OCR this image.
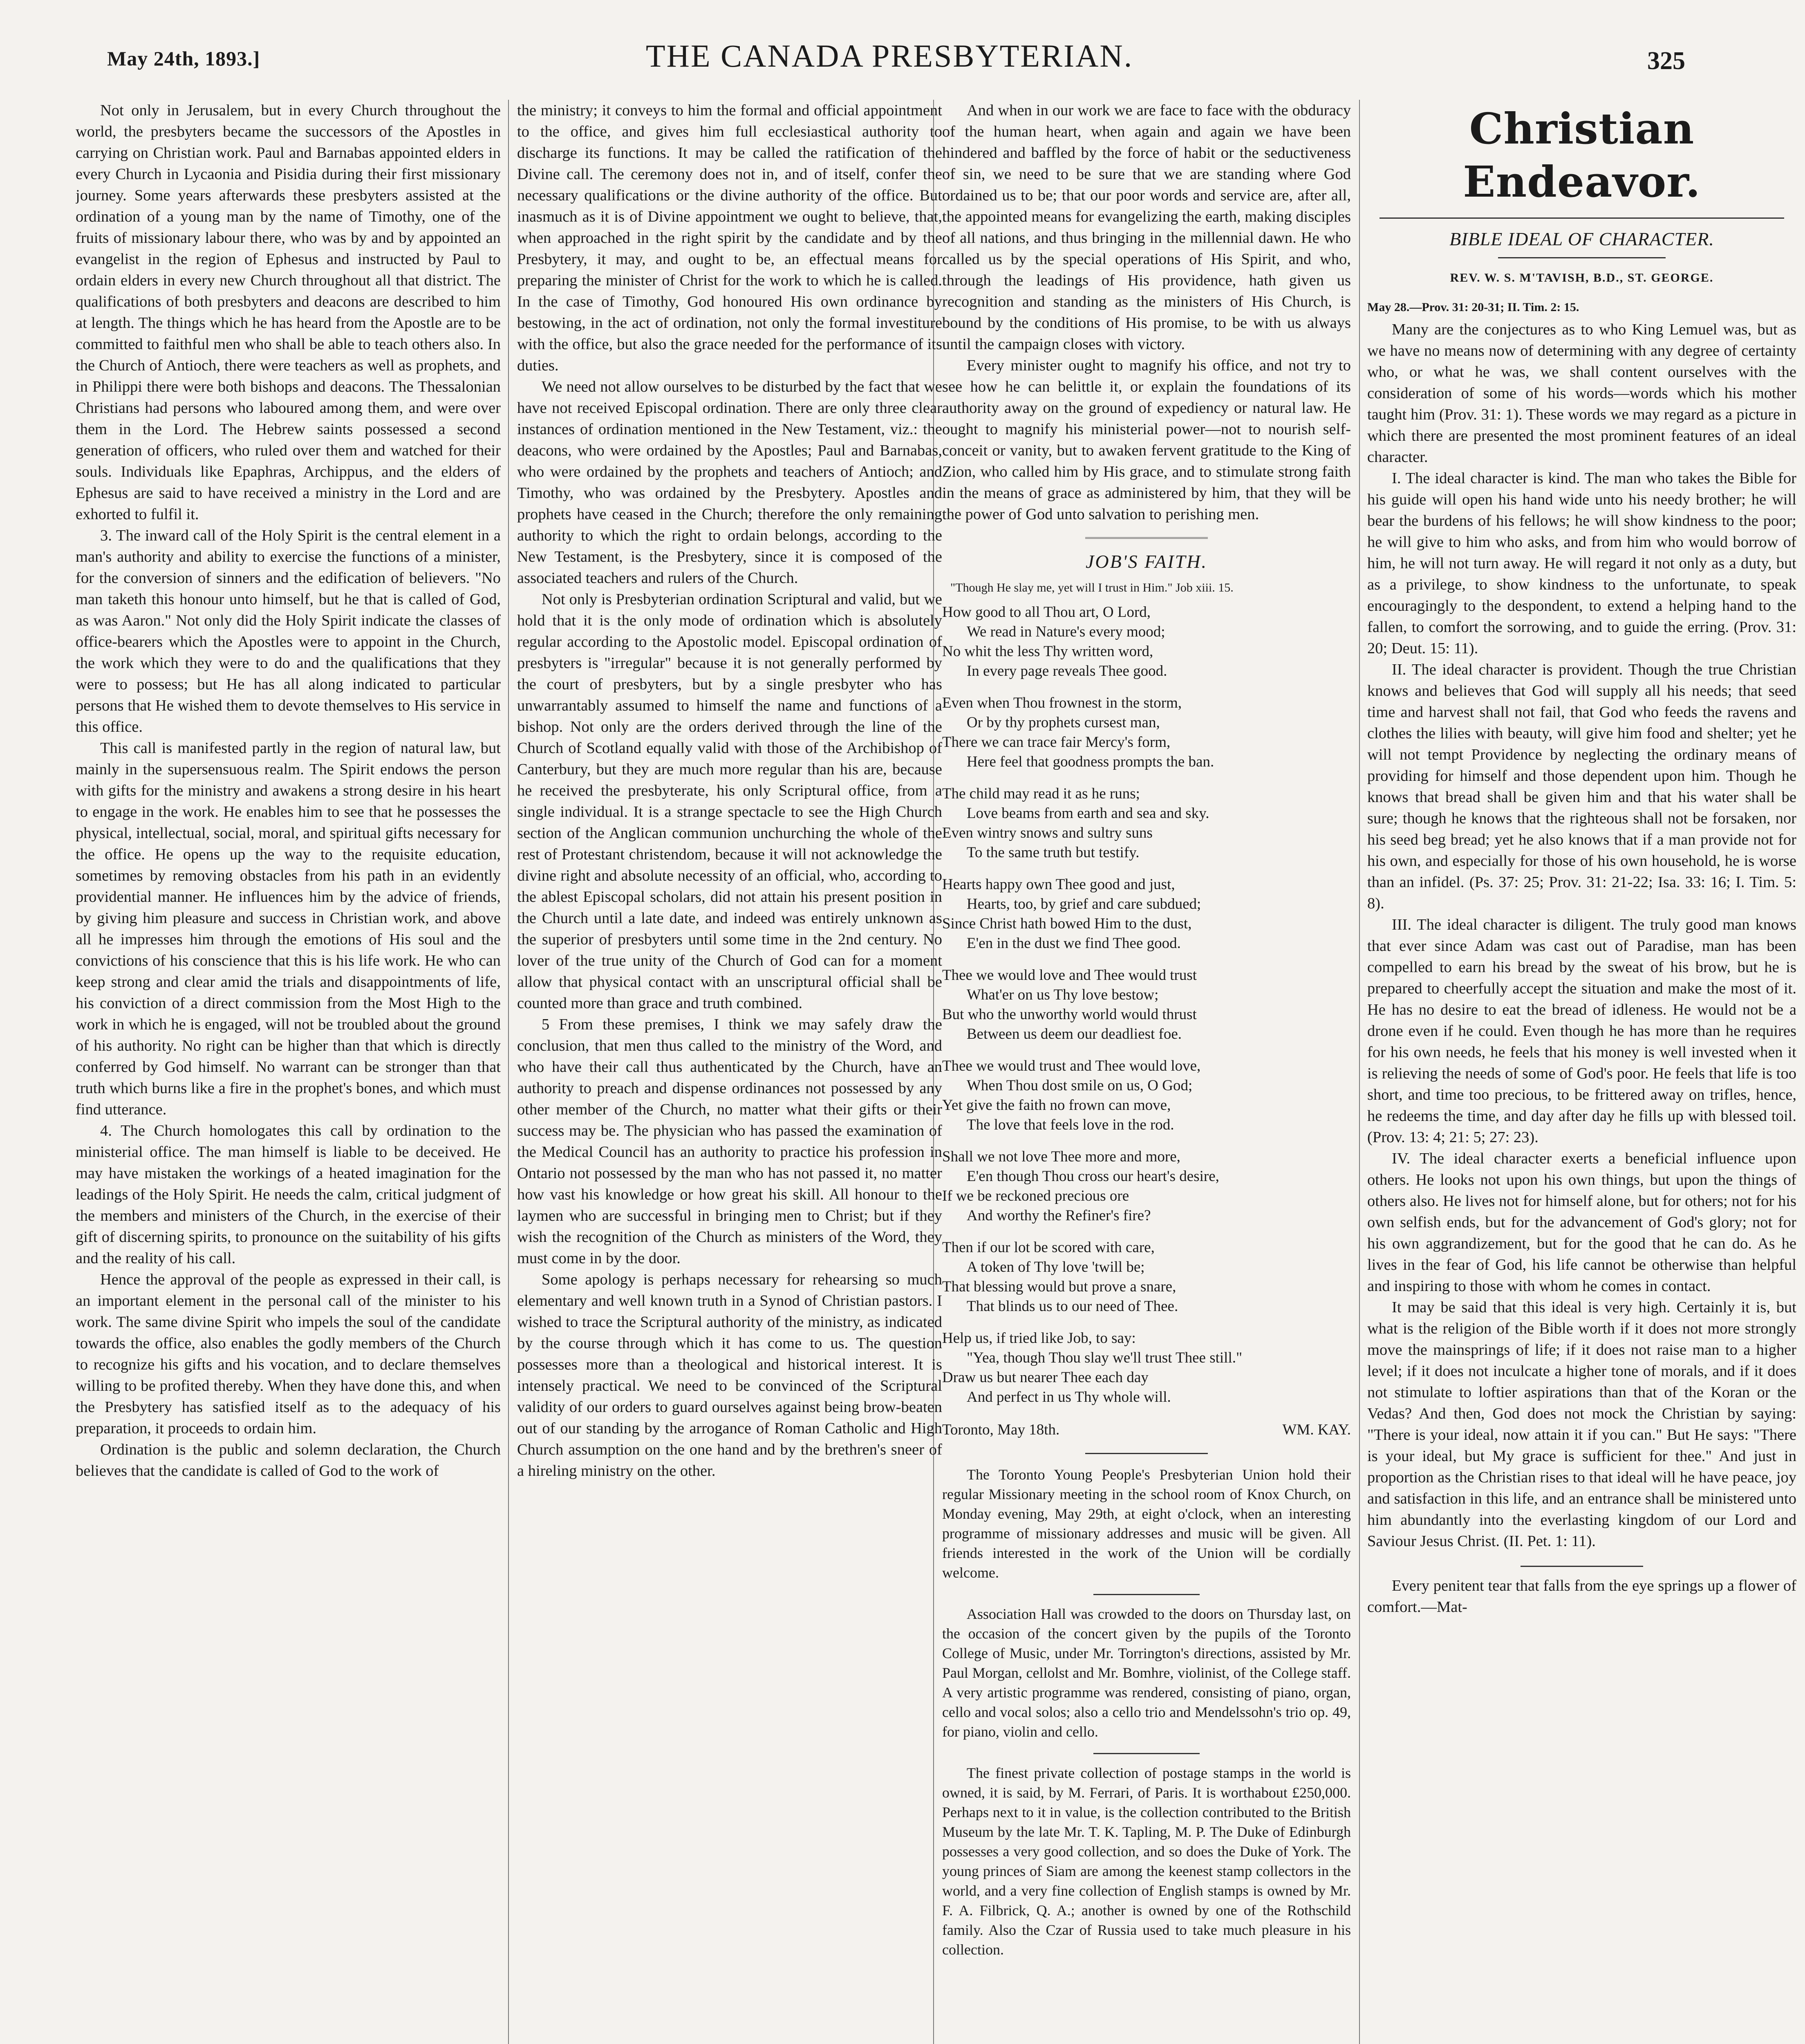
May 24th, 1893.]	THE CANADA PRESBYTERIAN.	325

Not only in Jerusalem, but in every Church throughout the world, the presbyters became the successors of the Apostles in carrying on Christian work. Paul and Barnabas appointed elders in every Church in Lycaonia and Pisidia during their first missionary journey. Some years afterwards these presbyters assisted at the ordination of a young man by the name of Timothy, one of the fruits of missionary labour there, who was by and by appointed an evangelist in the region of Ephesus and instructed by Paul to ordain elders in every new Church throughout all that district. The qualifications of both presbyters and deacons are described to him at length. The things which he has heard from the Apostle are to be committed to faithful men who shall be able to teach others also. In the Church of Antioch, there were teachers as well as prophets, and in Philippi there were both bishops and deacons. The Thessalonian Christians had persons who laboured among them, and were over them in the Lord. The Hebrew saints possessed a second generation of officers, who ruled over them and watched for their souls. Individuals like Epaphras, Archippus, and the elders of Ephesus are said to have received a ministry in the Lord and are exhorted to fulfil it.

3. The inward call of the Holy Spirit is the central element in a man's authority and ability to exercise the functions of a minister, for the conversion of sinners and the edification of believers. "No man taketh this honour unto himself, but he that is called of God, as was Aaron." Not only did the Holy Spirit indicate the classes of office-bearers which the Apostles were to appoint in the Church, the work which they were to do and the qualifications that they were to possess; but He has all along indicated to particular persons that He wished them to devote themselves to His service in this office.

This call is manifested partly in the region of natural law, but mainly in the supersensuous realm. The Spirit endows the person with gifts for the ministry and awakens a strong desire in his heart to engage in the work. He enables him to see that he possesses the physical, intellectual, social, moral, and spiritual gifts necessary for the office. He opens up the way to the requisite education, sometimes by removing obstacles from his path in an evidently providential manner. He influences him by the advice of friends, by giving him pleasure and success in Christian work, and above all he impresses him through the emotions of His soul and the convictions of his conscience that this is his life work. He who can keep strong and clear amid the trials and disappointments of life, his conviction of a direct commission from the Most High to the work in which he is engaged, will not be troubled about the ground of his authority. No right can be higher than that which is directly conferred by God himself. No warrant can be stronger than that truth which burns like a fire in the prophet's bones, and which must find utterance.

4. The Church homologates this call by ordination to the ministerial office. The man himself is liable to be deceived. He may have mistaken the workings of a heated imagination for the leadings of the Holy Spirit. He needs the calm, critical judgment of the members and ministers of the Church, in the exercise of their gift of discerning spirits, to pronounce on the suitability of his gifts and the reality of his call.

Hence the approval of the people as expressed in their call, is an important element in the personal call of the minister to his work. The same divine Spirit who impels the soul of the candidate towards the office, also enables the godly members of the Church to recognize his gifts and his vocation, and to declare themselves willing to be profited thereby. When they have done this, and when the Presbytery has satisfied itself as to the adequacy of his preparation, it proceeds to ordain him.

Ordination is the public and solemn declaration, the Church believes that the candidate is called of God to the work of

the ministry; it conveys to him the formal and official appointment to the office, and gives him full ecclesiastical authority to discharge its functions. It may be called the ratification of the Divine call. The ceremony does not in, and of itself, confer the necessary qualifications or the divine authority of the office. But inasmuch as it is of Divine appointment we ought to believe, that, when approached in the right spirit by the candidate and by the Presbytery, it may, and ought to be, an effectual means for preparing the minister of Christ for the work to which he is called. In the case of Timothy, God honoured His own ordinance by bestowing, in the act of ordination, not only the formal investiture with the office, but also the grace needed for the performance of its duties.

We need not allow ourselves to be disturbed by the fact that we have not received Episcopal ordination. There are only three clear instances of ordination mentioned in the New Testament, viz.: the deacons, who were ordained by the Apostles; Paul and Barnabas, who were ordained by the prophets and teachers of Antioch; and Timothy, who was ordained by the Presbytery. Apostles and prophets have ceased in the Church; therefore the only remaining authority to which the right to ordain belongs, according to the New Testament, is the Presbytery, since it is composed of the associated teachers and rulers of the Church.

Not only is Presbyterian ordination Scriptural and valid, but we hold that it is the only mode of ordination which is absolutely regular according to the Apostolic model. Episcopal ordination of presbyters is "irregular" because it is not generally performed by the court of presbyters, but by a single presbyter who has unwarrantably assumed to himself the name and functions of a bishop. Not only are the orders derived through the line of the Church of Scotland equally valid with those of the Archibishop of Canterbury, but they are much more regular than his are, because he received the presbyterate, his only Scriptural office, from a single individual. It is a strange spectacle to see the High Church section of the Anglican communion unchurching the whole of the rest of Protestant christendom, because it will not acknowledge the divine right and absolute necessity of an official, who, according to the ablest Episcopal scholars, did not attain his present position in the Church until a late date, and indeed was entirely unknown as the superior of presbyters until some time in the 2nd century. No lover of the true unity of the Church of God can for a moment allow that physical contact with an unscriptural official shall be counted more than grace and truth combined.

5 From these premises, I think we may safely draw the conclusion, that men thus called to the ministry of the Word, and who have their call thus authenticated by the Church, have an authority to preach and dispense ordinances not possessed by any other member of the Church, no matter what their gifts or their success may be. The physician who has passed the examination of the Medical Council has an authority to practice his profession in Ontario not possessed by the man who has not passed it, no matter how vast his knowledge or how great his skill. All honour to the laymen who are successful in bringing men to Christ; but if they wish the recognition of the Church as ministers of the Word, they must come in by the door.

Some apology is perhaps necessary for rehearsing so much elementary and well known truth in a Synod of Christian pastors. I wished to trace the Scriptural authority of the ministry, as indicated by the course through which it has come to us. The question possesses more than a theological and historical interest. It is intensely practical. We need to be convinced of the Scriptural validity of our orders to guard ourselves against being brow-beaten out of our standing by the arrogance of Roman Catholic and High Church assumption on the one hand and by the brethren's sneer of a hireling ministry on the other.

And when in our work we are face to face with the obduracy of the human heart, when again and again we have been hindered and baffled by the force of habit or the seductiveness of sin, we need to be sure that we are standing where God ordained us to be; that our poor words and service are, after all, the appointed means for evangelizing the earth, making disciples of all nations, and thus bringing in the millennial dawn. He who called us by the special operations of His Spirit, and who, through the leadings of His providence, hath given us recognition and standing as the ministers of His Church, is bound by the conditions of His promise, to be with us always until the campaign closes with victory.

Every minister ought to magnify his office, and not try to see how he can belittle it, or explain the foundations of its authority away on the ground of expediency or natural law. He ought to magnify his ministerial power—not to nourish self-conceit or vanity, but to awaken fervent gratitude to the King of Zion, who called him by His grace, and to stimulate strong faith in the means of grace as administered by him, that they will be the power of God unto salvation to perishing men.

JOB'S FAITH.
"Though He slay me, yet will I trust in Him." Job xiii. 15.
How good to all Thou art, O Lord,
We read in Nature's every mood;
No whit the less Thy written word,
In every page reveals Thee good.
Even when Thou frownest in the storm,
Or by thy prophets cursest man,
There we can trace fair Mercy's form,
Here feel that goodness prompts the ban.
The child may read it as he runs;
Love beams from earth and sea and sky.
Even wintry snows and sultry suns
To the same truth but testify.
Hearts happy own Thee good and just,
Hearts, too, by grief and care subdued;
Since Christ hath bowed Him to the dust,
E'en in the dust we find Thee good.
Thee we would love and Thee would trust
What'er on us Thy love bestow;
But who the unworthy world would thrust
Between us deem our deadliest foe.
Thee we would trust and Thee would love,
When Thou dost smile on us, O God;
Yet give the faith no frown can move,
The love that feels love in the rod.
Shall we not love Thee more and more,
E'en though Thou cross our heart's desire,
If we be reckoned precious ore
And worthy the Refiner's fire?
Then if our lot be scored with care,
A token of Thy love 'twill be;
That blessing would but prove a snare,
That blinds us to our need of Thee.
Help us, if tried like Job, to say:
"Yea, though Thou slay we'll trust Thee still."
Draw us but nearer Thee each day
And perfect in us Thy whole will.
Toronto, May 18th.	WM. KAY.

The Toronto Young People's Presbyterian Union hold their regular Missionary meeting in the school room of Knox Church, on Monday evening, May 29th, at eight o'clock, when an interesting programme of missionary addresses and music will be given. All friends interested in the work of the Union will be cordially welcome.

Association Hall was crowded to the doors on Thursday last, on the occasion of the concert given by the pupils of the Toronto College of Music, under Mr. Torrington's directions, assisted by Mr. Paul Morgan, cellolst and Mr. Bomhre, violinist, of the College staff. A very artistic programme was rendered, consisting of piano, organ, cello and vocal solos; also a cello trio and Mendelssohn's trio op. 49, for piano, violin and cello.

The finest private collection of postage stamps in the world is owned, it is said, by M. Ferrari, of Paris. It is worthabout £250,000. Perhaps next to it in value, is the collection contributed to the British Museum by the late Mr. T. K. Tapling, M. P. The Duke of Edinburgh possesses a very good collection, and so does the Duke of York. The young princes of Siam are among the keenest stamp collectors in the world, and a very fine collection of English stamps is owned by Mr. F. A. Filbrick, Q. A.; another is owned by one of the Rothschild family. Also the Czar of Russia used to take much pleasure in his collection.

Christian Endeavor.
BIBLE IDEAL OF CHARACTER.
REV. W. S. M'TAVISH, B.D., ST. GEORGE.
May 28.—Prov. 31: 20-31; II. Tim. 2: 15.

Many are the conjectures as to who King Lemuel was, but as we have no means now of determining with any degree of certainty who, or what he was, we shall content ourselves with the consideration of some of his words—words which his mother taught him (Prov. 31: 1). These words we may regard as a picture in which there are presented the most prominent features of an ideal character.

I. The ideal character is kind. The man who takes the Bible for his guide will open his hand wide unto his needy brother; he will bear the burdens of his fellows; he will show kindness to the poor; he will give to him who asks, and from him who would borrow of him, he will not turn away. He will regard it not only as a duty, but as a privilege, to show kindness to the unfortunate, to speak encouragingly to the despondent, to extend a helping hand to the fallen, to comfort the sorrowing, and to guide the erring. (Prov. 31: 20; Deut. 15: 11).

II. The ideal character is provident. Though the true Christian knows and believes that God will supply all his needs; that seed time and harvest shall not fail, that God who feeds the ravens and clothes the lilies with beauty, will give him food and shelter; yet he will not tempt Providence by neglecting the ordinary means of providing for himself and those dependent upon him. Though he knows that bread shall be given him and that his water shall be sure; though he knows that the righteous shall not be forsaken, nor his seed beg bread; yet he also knows that if a man provide not for his own, and especially for those of his own household, he is worse than an infidel. (Ps. 37: 25; Prov. 31: 21-22; Isa. 33: 16; I. Tim. 5: 8).

III. The ideal character is diligent. The truly good man knows that ever since Adam was cast out of Paradise, man has been compelled to earn his bread by the sweat of his brow, but he is prepared to cheerfully accept the situation and make the most of it. He has no desire to eat the bread of idleness. He would not be a drone even if he could. Even though he has more than he requires for his own needs, he feels that his money is well invested when it is relieving the needs of some of God's poor. He feels that life is too short, and time too precious, to be frittered away on trifles, hence, he redeems the time, and day after day he fills up with blessed toil. (Prov. 13: 4; 21: 5; 27: 23).

IV. The ideal character exerts a beneficial influence upon others. He looks not upon his own things, but upon the things of others also. He lives not for himself alone, but for others; not for his own selfish ends, but for the advancement of God's glory; not for his own aggrandizement, but for the good that he can do. As he lives in the fear of God, his life cannot be otherwise than helpful and inspiring to those with whom he comes in contact.

It may be said that this ideal is very high. Certainly it is, but what is the religion of the Bible worth if it does not more strongly move the mainsprings of life; if it does not raise man to a higher level; if it does not inculcate a higher tone of morals, and if it does not stimulate to loftier aspirations than that of the Koran or the Vedas? And then, God does not mock the Christian by saying: "There is your ideal, now attain it if you can." But He says: "There is your ideal, but My grace is sufficient for thee." And just in proportion as the Christian rises to that ideal will he have peace, joy and satisfaction in this life, and an entrance shall be ministered unto him abundantly into the everlasting kingdom of our Lord and Saviour Jesus Christ. (II. Pet. 1: 11).

Every penitent tear that falls from the eye springs up a flower of comfort.—Mat-
